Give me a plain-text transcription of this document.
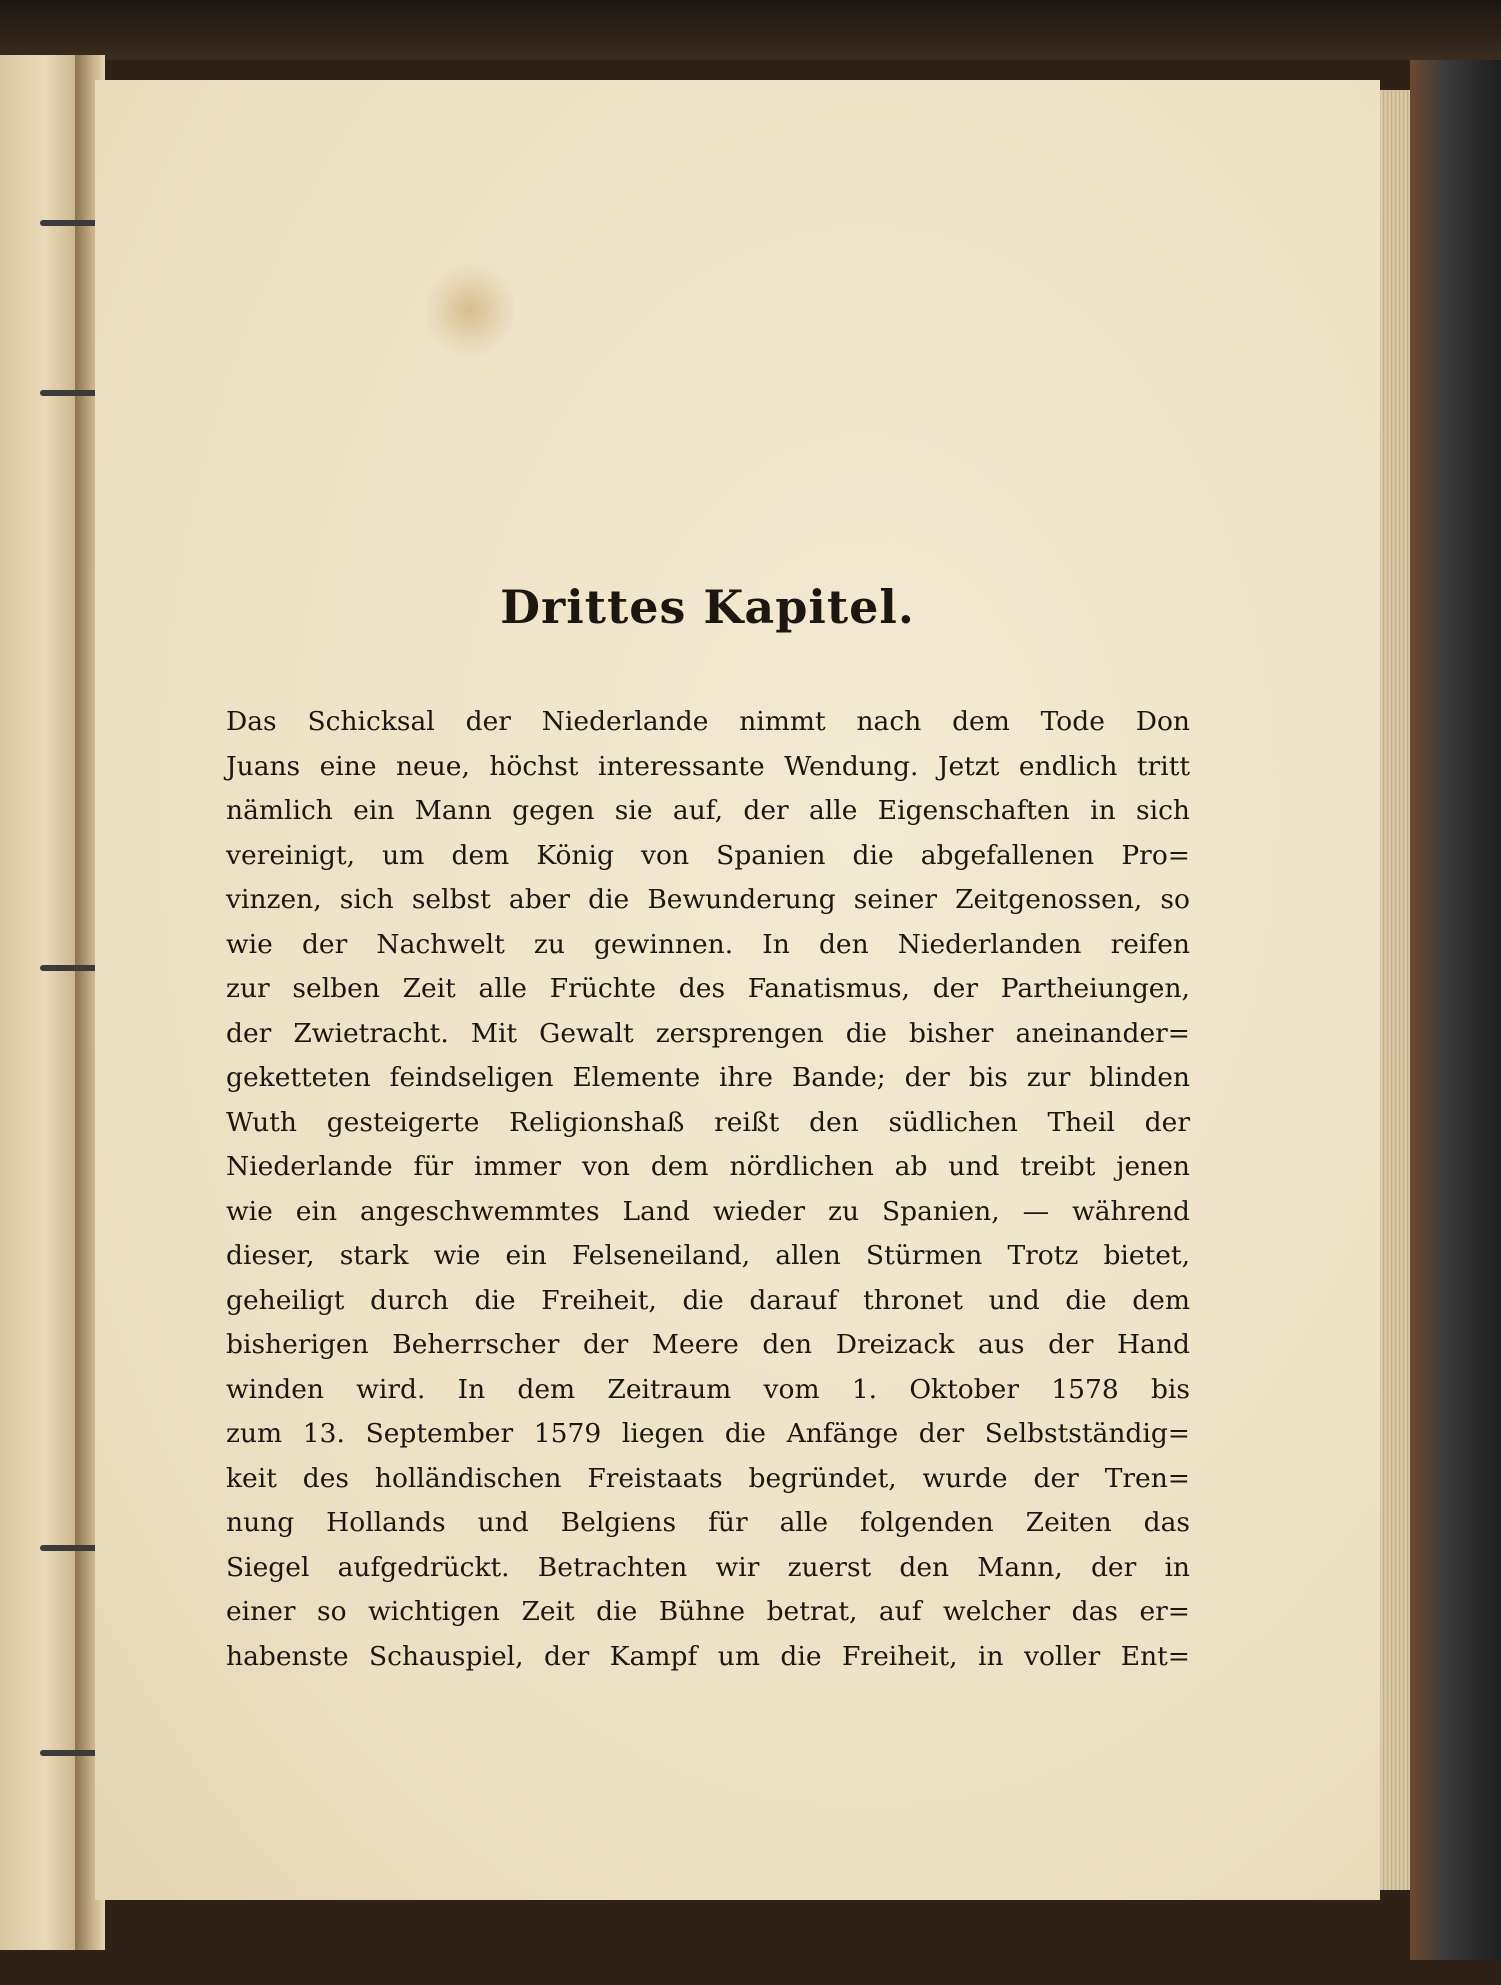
Drittes Kapitel.
Das Schicksal der Niederlande nimmt nach dem Tode Don
Juans eine neue, höchst interessante Wendung. Jetzt endlich tritt
nämlich ein Mann gegen sie auf, der alle Eigenschaften in sich
vereinigt, um dem König von Spanien die abgefallenen Pro=
vinzen, sich selbst aber die Bewunderung seiner Zeitgenossen, so
wie der Nachwelt zu gewinnen. In den Niederlanden reifen
zur selben Zeit alle Früchte des Fanatismus, der Partheiungen,
der Zwietracht. Mit Gewalt zersprengen die bisher aneinander=
geketteten feindseligen Elemente ihre Bande; der bis zur blinden
Wuth gesteigerte Religionshaß reißt den südlichen Theil der
Niederlande für immer von dem nördlichen ab und treibt jenen
wie ein angeschwemmtes Land wieder zu Spanien, — während
dieser, stark wie ein Felseneiland, allen Stürmen Trotz bietet,
geheiligt durch die Freiheit, die darauf thronet und die dem
bisherigen Beherrscher der Meere den Dreizack aus der Hand
winden wird. In dem Zeitraum vom 1. Oktober 1578 bis
zum 13. September 1579 liegen die Anfänge der Selbstständig=
keit des holländischen Freistaats begründet, wurde der Tren=
nung Hollands und Belgiens für alle folgenden Zeiten das
Siegel aufgedrückt. Betrachten wir zuerst den Mann, der in
einer so wichtigen Zeit die Bühne betrat, auf welcher das er=
habenste Schauspiel, der Kampf um die Freiheit, in voller Ent=
